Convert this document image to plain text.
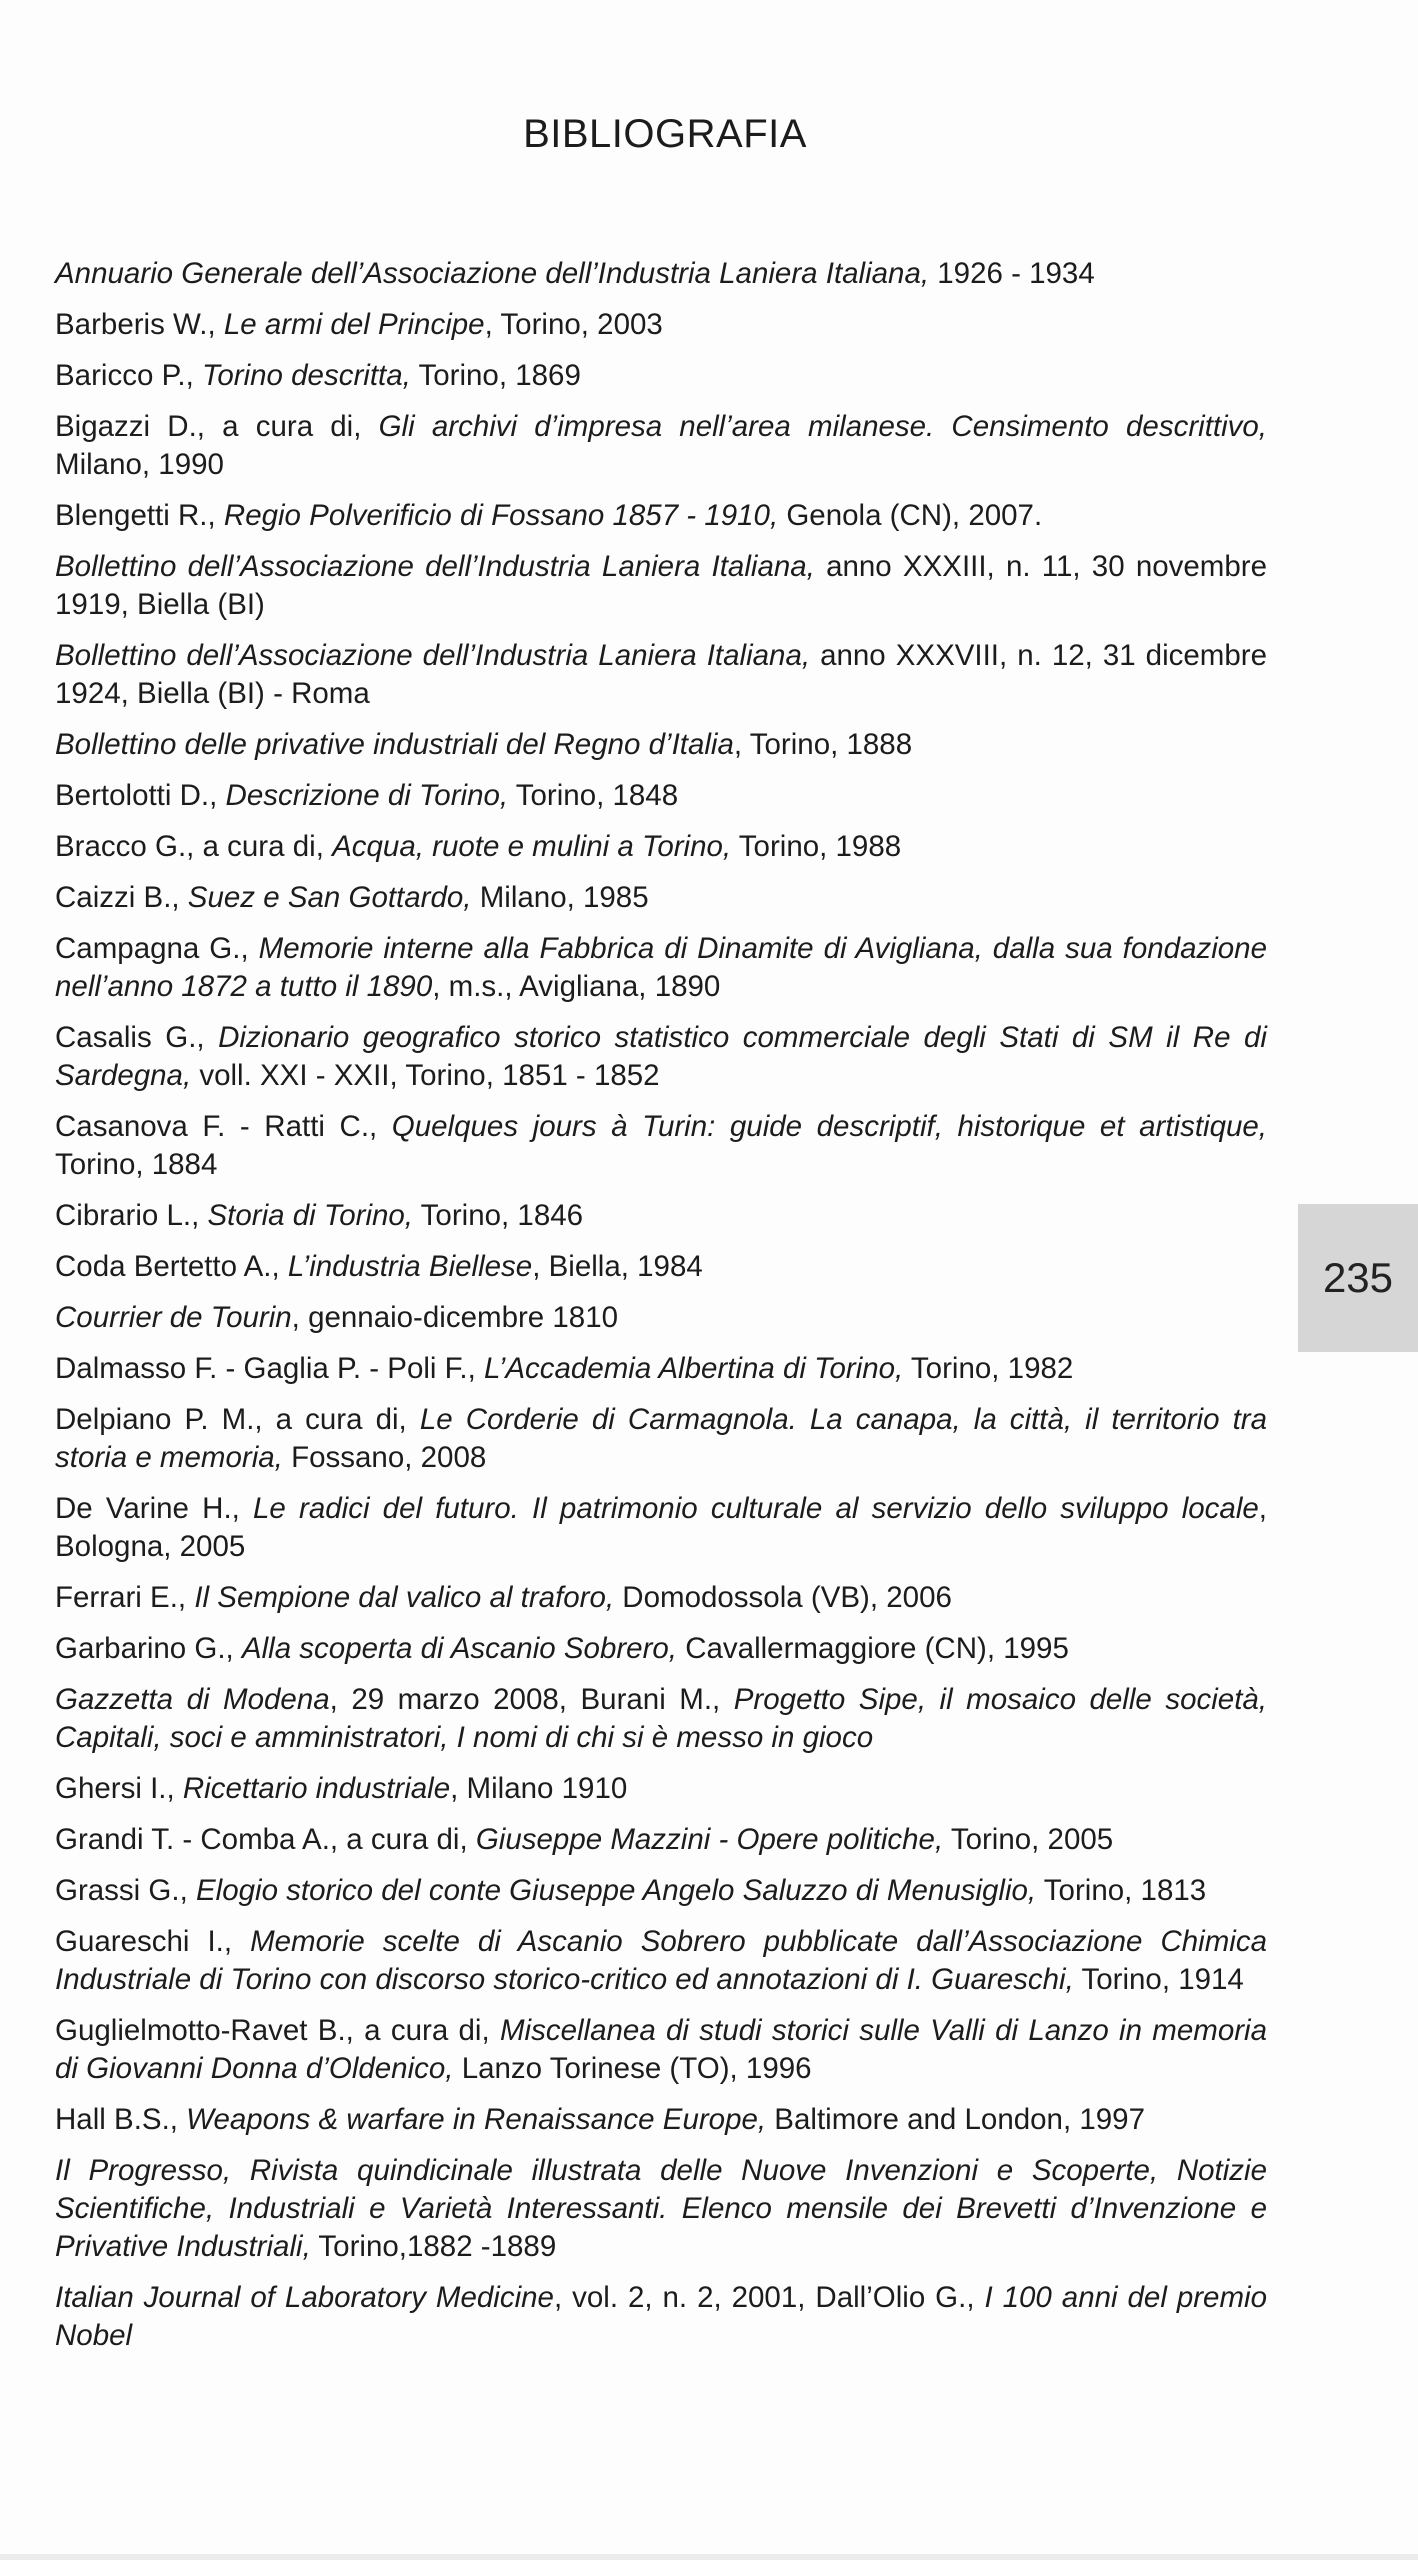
BIBLIOGRAFIA

Annuario Generale dell’Associazione dell’Industria Laniera Italiana, 1926 - 1934

Barberis W., Le armi del Principe, Torino, 2003

Baricco P., Torino descritta, Torino, 1869

Bigazzi D., a cura di, Gli archivi d’impresa nell’area milanese. Censimento descrittivo, Milano, 1990

Blengetti R., Regio Polverificio di Fossano 1857 - 1910, Genola (CN), 2007.

Bollettino dell’Associazione dell’Industria Laniera Italiana, anno XXXIII, n. 11, 30 novembre 1919, Biella (BI)

Bollettino dell’Associazione dell’Industria Laniera Italiana, anno XXXVIII, n. 12, 31 dicembre 1924, Biella (BI) - Roma

Bollettino delle privative industriali del Regno d’Italia, Torino, 1888

Bertolotti D., Descrizione di Torino, Torino, 1848

Bracco G., a cura di, Acqua, ruote e mulini a Torino, Torino, 1988

Caizzi B., Suez e San Gottardo, Milano, 1985

Campagna G., Memorie interne alla Fabbrica di Dinamite di Avigliana, dalla sua fondazione nell’anno 1872 a tutto il 1890, m.s., Avigliana, 1890

Casalis G., Dizionario geografico storico statistico commerciale degli Stati di SM il Re di Sardegna, voll. XXI - XXII, Torino, 1851 - 1852

Casanova F. - Ratti C., Quelques jours à Turin: guide descriptif, historique et artistique, Torino, 1884

Cibrario L., Storia di Torino, Torino, 1846

Coda Bertetto A., L’industria Biellese, Biella, 1984

Courrier de Tourin, gennaio-dicembre 1810

Dalmasso F. - Gaglia P. - Poli F., L’Accademia Albertina di Torino, Torino, 1982

Delpiano P. M., a cura di, Le Corderie di Carmagnola. La canapa, la città, il territorio tra storia e memoria, Fossano, 2008

De Varine H., Le radici del futuro. Il patrimonio culturale al servizio dello sviluppo locale, Bologna, 2005

Ferrari E., Il Sempione dal valico al traforo, Domodossola (VB), 2006

Garbarino G., Alla scoperta di Ascanio Sobrero, Cavallermaggiore (CN), 1995

Gazzetta di Modena, 29 marzo 2008, Burani M., Progetto Sipe, il mosaico delle società, Capitali, soci e amministratori, I nomi di chi si è messo in gioco

Ghersi I., Ricettario industriale, Milano 1910

Grandi T. - Comba A., a cura di, Giuseppe Mazzini - Opere politiche, Torino, 2005

Grassi G., Elogio storico del conte Giuseppe Angelo Saluzzo di Menusiglio, Torino, 1813

Guareschi I., Memorie scelte di Ascanio Sobrero pubblicate dall’Associazione Chimica Industriale di Torino con discorso storico-critico ed annotazioni di I. Guareschi, Torino, 1914

Guglielmotto-Ravet B., a cura di, Miscellanea di studi storici sulle Valli di Lanzo in memoria di Giovanni Donna d’Oldenico, Lanzo Torinese (TO), 1996

Hall B.S., Weapons & warfare in Renaissance Europe, Baltimore and London, 1997

Il Progresso, Rivista quindicinale illustrata delle Nuove Invenzioni e Scoperte, Notizie Scientifiche, Industriali e Varietà Interessanti. Elenco mensile dei Brevetti d’Invenzione e Privative Industriali, Torino,1882 -1889

Italian Journal of Laboratory Medicine, vol. 2, n. 2, 2001, Dall’Olio G., I 100 anni del premio Nobel

235
